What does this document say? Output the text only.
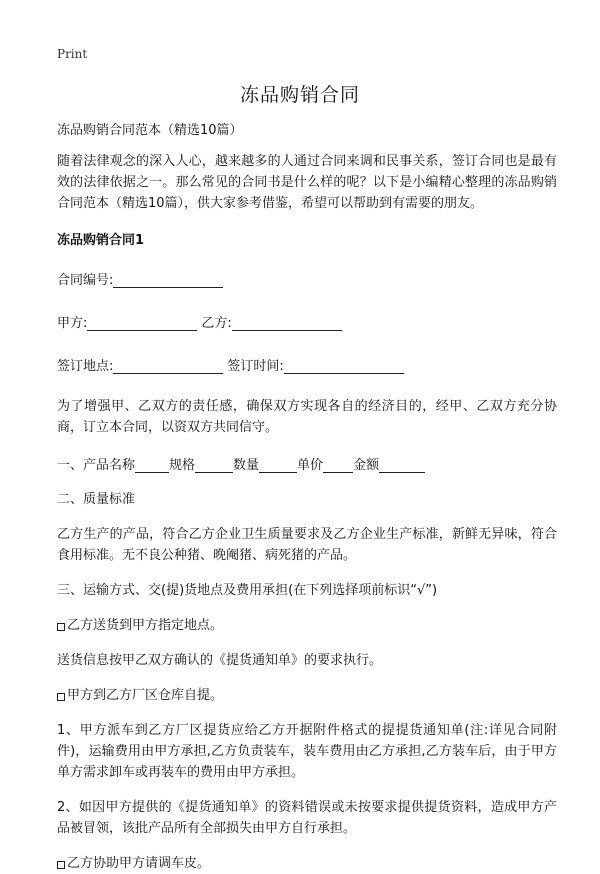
Print
冻品购销合同

冻品购销合同范本（精选10篇）

随着法律观念的深入人心，越来越多的人通过合同来调和民事关系，签订合同也是最有效的法律依据之一。那么常见的合同书是什么样的呢？以下是小编精心整理的冻品购销合同范本（精选10篇），供大家参考借鉴，希望可以帮助到有需要的朋友。

冻品购销合同1

合同编号:
甲方:	乙方:
签订地点:	签订时间:

为了增强甲、乙双方的责任感，确保双方实现各自的经济目的，经甲、乙双方充分协商，订立本合同，以资双方共同信守。

一、产品名称	规格	数量	单价 金额

二、质量标准

乙方生产的产品，符合乙方企业卫生质量要求及乙方企业生产标准，新鲜无异味，符合食用标准。无不良公种猪、晚阉猪、病死猪的产品。

三、运输方式、交(提)货地点及费用承担(在下列选择项前标识“√”)

乙方送货到甲方指定地点。

送货信息按甲乙双方确认的《提货通知单》的要求执行。

甲方到乙方厂区仓库自提。

1、甲方派车到乙方厂区提货应给乙方开据附件格式的提提货通知单(注:详见合同附件)，运输费用由甲方承担,乙方负责装车，装车费用由乙方承担,乙方装车后，由于甲方单方需求卸车或再装车的费用由甲方承担。

2、如因甲方提供的《提货通知单》的资料错误或未按要求提供提货资料，造成甲方产品被冒领，该批产品所有全部损失由甲方自行承担。

乙方协助甲方请调车皮。
